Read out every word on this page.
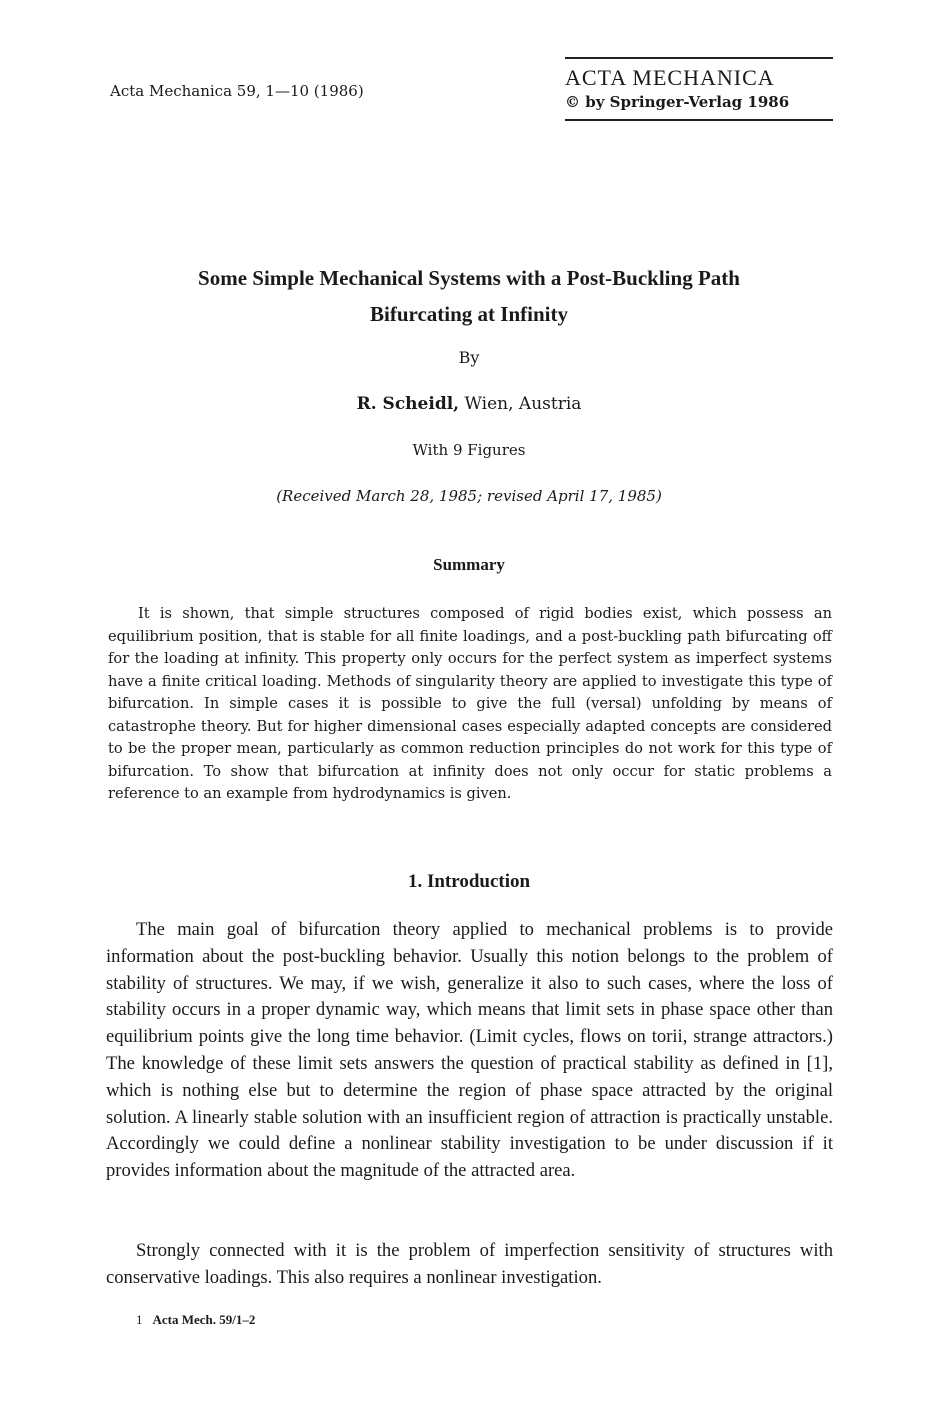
Acta Mechanica 59, 1—10 (1986)
ACTA MECHANICA
© by Springer-Verlag 1986
Some Simple Mechanical Systems with a Post-Buckling Path
Bifurcating at Infinity
By
R. Scheidl, Wien, Austria
With 9 Figures
(Received March 28, 1985; revised April 17, 1985)
Summary

It is shown, that simple structures composed of rigid bodies exist, which possess an equilibrium position, that is stable for all finite loadings, and a post-buckling path bifurcating off for the loading at infinity. This property only occurs for the perfect system as imperfect systems have a finite critical loading. Methods of singularity theory are applied to investigate this type of bifurcation. In simple cases it is possible to give the full (versal) unfolding by means of catastrophe theory. But for higher dimensional cases especially adapted concepts are considered to be the proper mean, particularly as common reduction principles do not work for this type of bifurcation. To show that bifurcation at infinity does not only occur for static problems a reference to an example from hydrodynamics is given.

1. Introduction

The main goal of bifurcation theory applied to mechanical problems is to provide information about the post-buckling behavior. Usually this notion belongs to the problem of stability of structures. We may, if we wish, generalize it also to such cases, where the loss of stability occurs in a proper dynamic way, which means that limit sets in phase space other than equilibrium points give the long time behavior. (Limit cycles, flows on torii, strange attractors.) The knowledge of these limit sets answers the question of practical stability as defined in [1], which is nothing else but to determine the region of phase space attracted by the original solution. A linearly stable solution with an insufficient region of attraction is practically unstable. Accordingly we could define a nonlinear stability investigation to be under discussion if it provides information about the magnitude of the attracted area.

Strongly connected with it is the problem of imperfection sensitivity of structures with conservative loadings. This also requires a nonlinear investigation.

1 Acta Mech. 59/1–2
